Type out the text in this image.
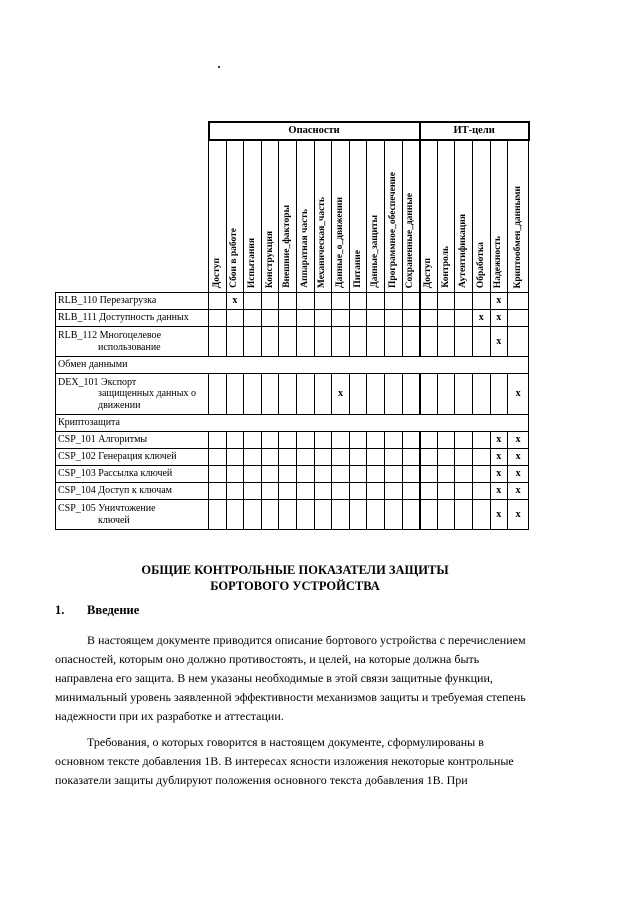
	Опасности												ИТ-цели					

	Доступ	Сбои в работе	Испытания	Конструкция	Внешние_факторы	Аппаратная часть	Механическая_часть	Данные_о_движении	Питание	Данные_защиты	Программное_обеспечение	Сохраненные_данные	Доступ	Контроль	Аутентификация	Обработка	Надежность	Криптообмен_данными

RLB_110 Перезагрузка		x															x	
RLB_111 Доступность данных																x	x	
RLB_112 Многоцелевое
использование																	x	
Обмен данными																		
DEX_101 Экспорт
защищенных данных о движении								x										x
Криптозащита																		
CSP_101 Алгоритмы																	x	x
CSP_102 Генерация ключей																	x	x
CSP_103 Рассылка ключей																	x	x
CSP_104 Доступ к ключам																	x	x
CSP_105 Уничтожение
ключей																	x	x
ОБЩИЕ КОНТРОЛЬНЫЕ ПОКАЗАТЕЛИ ЗАЩИТЫ
БОРТОВОГО УСТРОЙСТВА
1. Введение

В настоящем документе приводится описание бортового устройства с перечислением опасностей, которым оно должно противостоять, и целей, на которые должна быть направлена его защита. В нем указаны необходимые в этой связи защитные функции, минимальный уровень заявленной эффективности механизмов защиты и требуемая степень надежности при их разработке и аттестации.

Требования, о которых говорится в настоящем документе, сформулированы в основном тексте добавления 1В. В интересах ясности изложения некоторые контрольные показатели защиты дублируют положения основного текста добавления 1В. При
